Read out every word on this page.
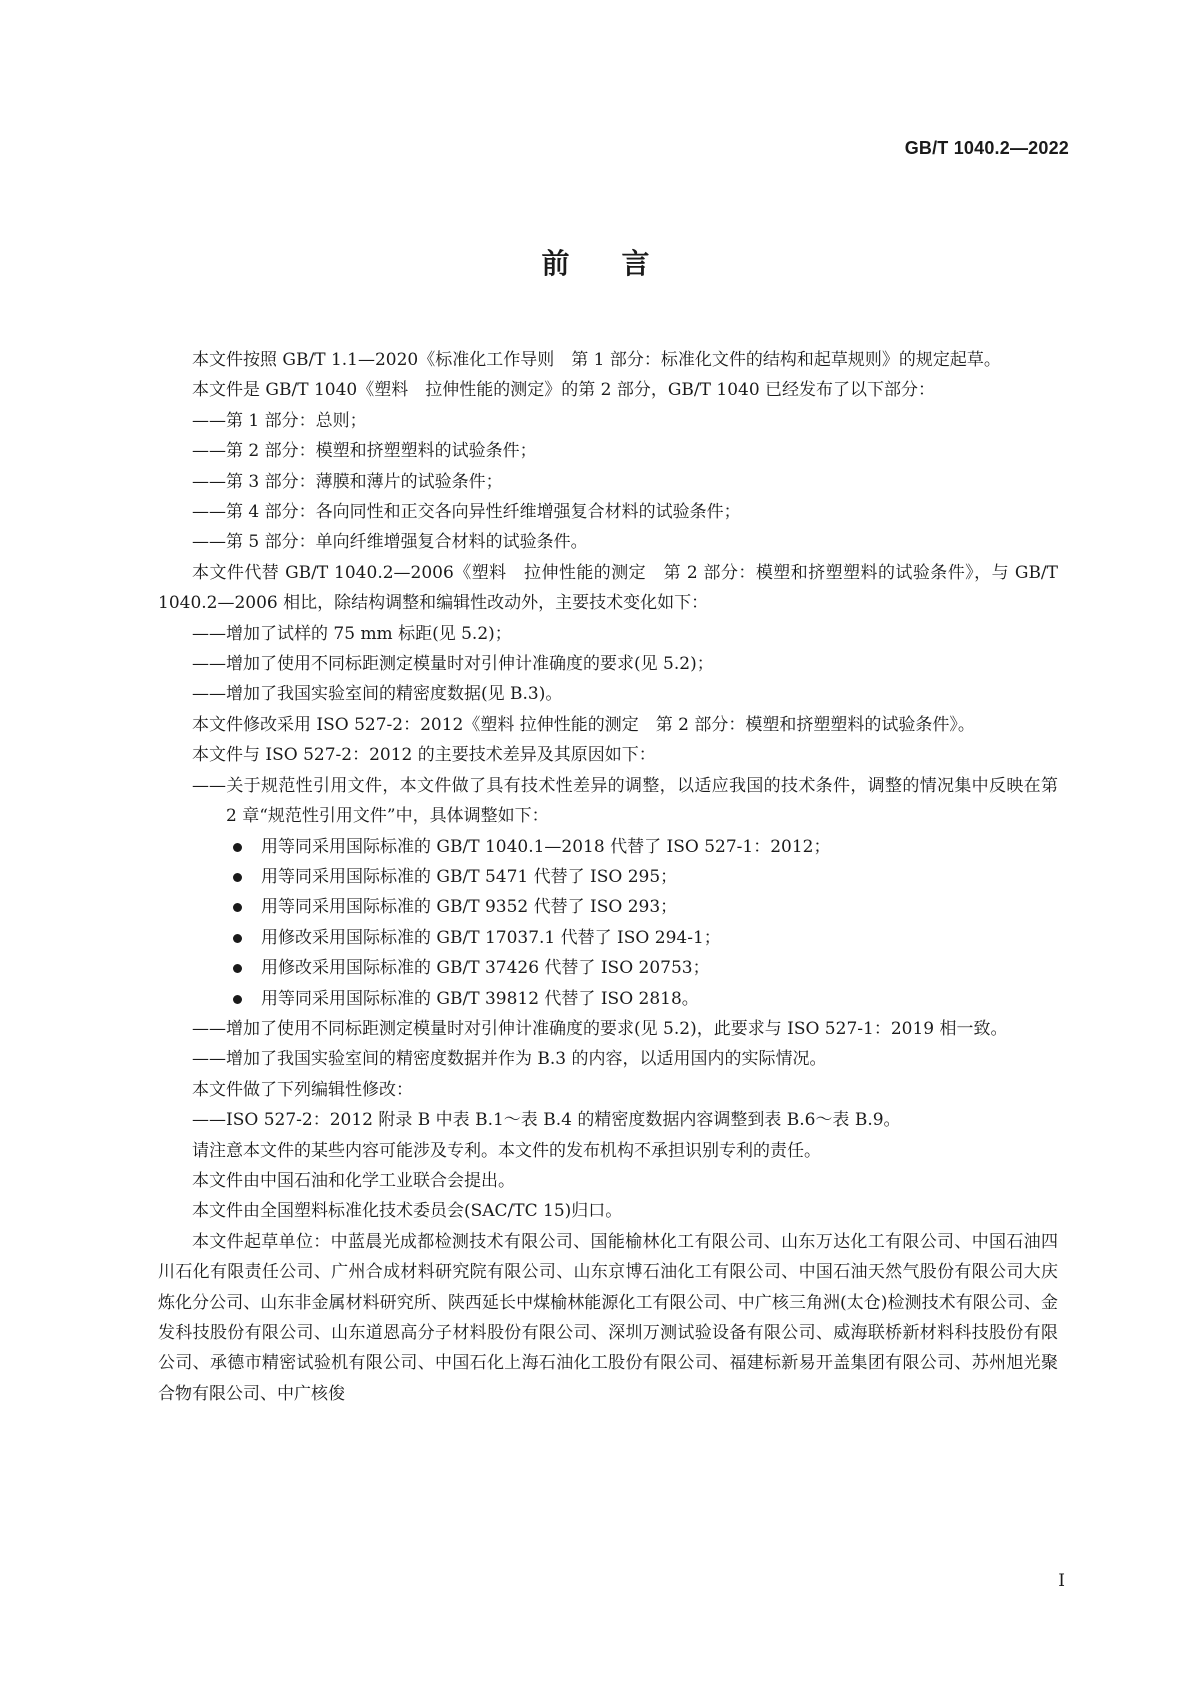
GB/T 1040.2—2022
前言

本文件按照 GB/T 1.1—2020《标准化工作导则　第 1 部分：标准化文件的结构和起草规则》的规定起草。

本文件是 GB/T 1040《塑料　拉伸性能的测定》的第 2 部分，GB/T 1040 已经发布了以下部分：

——第 1 部分：总则；

——第 2 部分：模塑和挤塑塑料的试验条件；

——第 3 部分：薄膜和薄片的试验条件；

——第 4 部分：各向同性和正交各向异性纤维增强复合材料的试验条件；

——第 5 部分：单向纤维增强复合材料的试验条件。

本文件代替 GB/T 1040.2—2006《塑料　拉伸性能的测定　第 2 部分：模塑和挤塑塑料的试验条件》，与 GB/T 1040.2—2006 相比，除结构调整和编辑性改动外，主要技术变化如下：

——增加了试样的 75 mm 标距(见 5.2)；

——增加了使用不同标距测定模量时对引伸计准确度的要求(见 5.2)；

——增加了我国实验室间的精密度数据(见 B.3)。

本文件修改采用 ISO 527-2：2012《塑料 拉伸性能的测定　第 2 部分：模塑和挤塑塑料的试验条件》。

本文件与 ISO 527-2：2012 的主要技术差异及其原因如下：

——关于规范性引用文件，本文件做了具有技术性差异的调整，以适应我国的技术条件，调整的情况集中反映在第 2 章“规范性引用文件”中，具体调整如下：

用等同采用国际标准的 GB/T 1040.1—2018 代替了 ISO 527-1：2012；

用等同采用国际标准的 GB/T 5471 代替了 ISO 295；

用等同采用国际标准的 GB/T 9352 代替了 ISO 293；

用修改采用国际标准的 GB/T 17037.1 代替了 ISO 294-1；

用修改采用国际标准的 GB/T 37426 代替了 ISO 20753；

用等同采用国际标准的 GB/T 39812 代替了 ISO 2818。

——增加了使用不同标距测定模量时对引伸计准确度的要求(见 5.2)，此要求与 ISO 527-1：2019 相一致。

——增加了我国实验室间的精密度数据并作为 B.3 的内容，以适用国内的实际情况。

本文件做了下列编辑性修改：

——ISO 527-2：2012 附录 B 中表 B.1～表 B.4 的精密度数据内容调整到表 B.6～表 B.9。

请注意本文件的某些内容可能涉及专利。本文件的发布机构不承担识别专利的责任。

本文件由中国石油和化学工业联合会提出。

本文件由全国塑料标准化技术委员会(SAC/TC 15)归口。

本文件起草单位：中蓝晨光成都检测技术有限公司、国能榆林化工有限公司、山东万达化工有限公司、中国石油四川石化有限责任公司、广州合成材料研究院有限公司、山东京博石油化工有限公司、中国石油天然气股份有限公司大庆炼化分公司、山东非金属材料研究所、陕西延长中煤榆林能源化工有限公司、中广核三角洲(太仓)检测技术有限公司、金发科技股份有限公司、山东道恩高分子材料股份有限公司、深圳万测试验设备有限公司、威海联桥新材料科技股份有限公司、承德市精密试验机有限公司、中国石化上海石油化工股份有限公司、福建标新易开盖集团有限公司、苏州旭光聚合物有限公司、中广核俊

I
